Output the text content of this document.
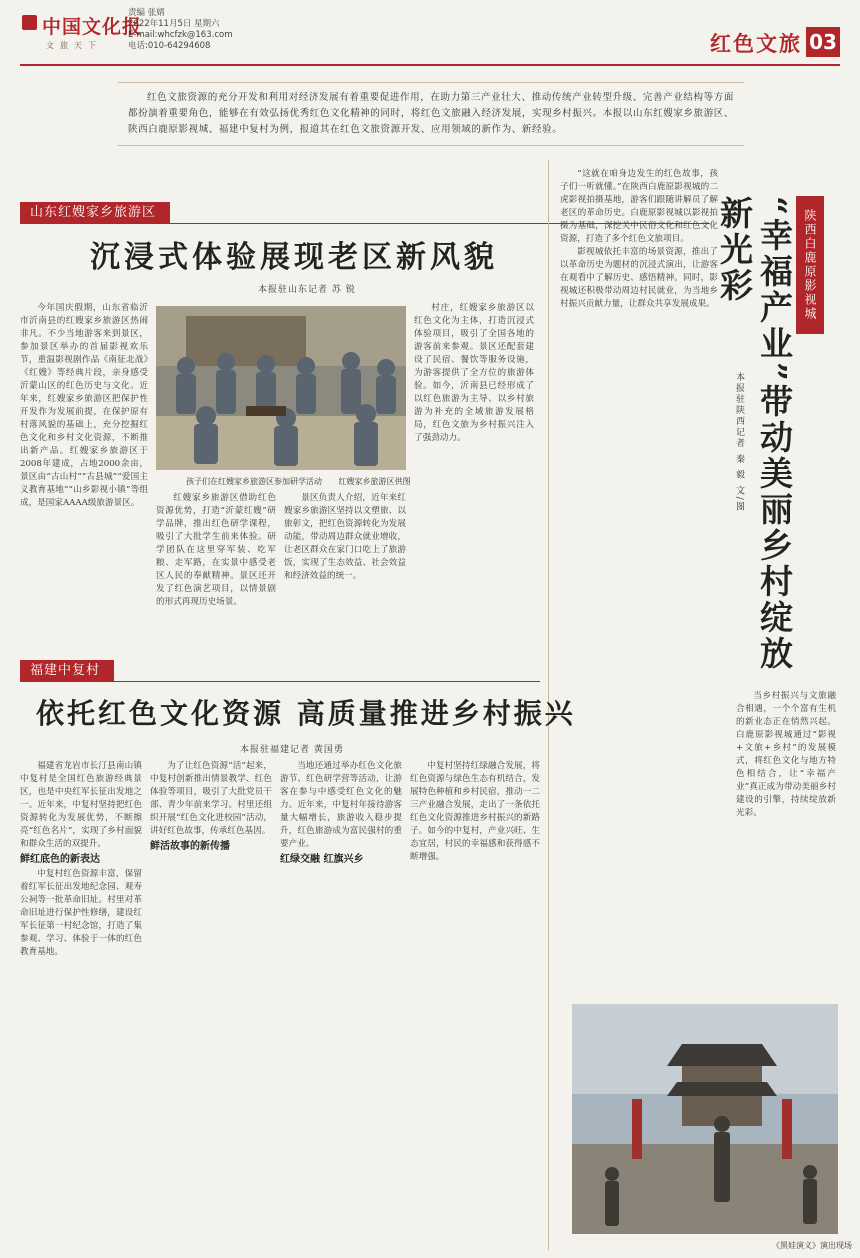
中国文化报
文旅天下
责编 张婧
2022年11月5日 星期六
E-mail:whcfzk@163.com
电话:010-64294608	红色文旅 03
红色文旅资源的充分开发和利用对经济发展有着重要促进作用，在助力第三产业壮大、推动传统产业转型升级、完善产业结构等方面都扮演着重要角色，能够在有效弘扬优秀红色文化精神的同时，将红色文旅融入经济发展，实现乡村振兴。本报以山东红嫂家乡旅游区、陕西白鹿原影视城、福建中复村为例，报道其在红色文旅资源开发、应用领域的新作为、新经验。
山东红嫂家乡旅游区
沉浸式体验展现老区新风貌
本报驻山东记者 苏 锐

今年国庆假期，山东省临沂市沂南县的红嫂家乡旅游区热闹非凡。不少当地游客来到景区，参加景区举办的首届影视欢乐节，重温影视剧作品《南征北战》《红嫂》等经典片段，亲身感受沂蒙山区的红色历史与文化。近年来，红嫂家乡旅游区把保护性开发作为发展前提，在保护原有村落风貌的基础上，充分挖掘红色文化和乡村文化资源，不断推出新产品。红嫂家乡旅游区于2008年建成，占地2000余亩，景区由“古山村”“古县城”“爱国主义教育基地”“山乡影视小镇”等组成，是国家AAAA级旅游景区。

孩子们在红嫂家乡旅游区参加研学活动 红嫂家乡旅游区供图

红嫂家乡旅游区借助红色资源优势，打造“沂蒙红嫂”研学品牌，推出红色研学课程，吸引了大批学生前来体验。研学团队在这里穿军装、吃军粮、走军路，在实景中感受老区人民的奉献精神。景区还开发了红色演艺项目，以情景剧的形式再现历史场景。

景区负责人介绍，近年来红嫂家乡旅游区坚持以文塑旅、以旅彰文，把红色资源转化为发展动能，带动周边群众就业增收，让老区群众在家门口吃上了旅游饭，实现了生态效益、社会效益和经济效益的统一。

村庄，红嫂家乡旅游区以红色文化为主体，打造沉浸式体验项目，吸引了全国各地的游客前来参观。景区还配套建设了民宿、餐饮等服务设施，为游客提供了全方位的旅游体验。如今，沂南县已经形成了以红色旅游为主导、以乡村旅游为补充的全域旅游发展格局，红色文旅为乡村振兴注入了强劲动力。

“这就在咱身边发生的红色故事，孩子们一听就懂。”在陕西白鹿原影视城的二虎影视拍摄基地，游客们跟随讲解员了解老区的革命历史。白鹿原影视城以影视拍摄为基础，深挖关中民俗文化和红色文化资源，打造了多个红色文旅项目。

影视城依托丰富的场景资源，推出了以革命历史为题材的沉浸式演出，让游客在观看中了解历史、感悟精神。同时，影视城还积极带动周边村民就业，为当地乡村振兴贡献力量，让群众共享发展成果。	陕西白鹿原影视城
“幸福产业”带动美丽乡村绽放新光彩
本报驻陕西记者 秦 毅 文/图

当乡村振兴与文旅融合相遇，一个个富有生机的新业态正在悄然兴起。白鹿原影视城通过“影视+文旅+乡村”的发展模式，将红色文化与地方特色相结合，让“幸福产业”真正成为带动美丽乡村建设的引擎，持续绽放新光彩。

《黑娃演义》演出现场
福建中复村
依托红色文化资源 高质量推进乡村振兴
本报驻福建记者 黄国勇

福建省龙岩市长汀县南山镇中复村是全国红色旅游经典景区，也是中央红军长征出发地之一。近年来，中复村坚持把红色资源转化为发展优势，不断擦亮“红色名片”，实现了乡村面貌和群众生活的双提升。

鲜红底色的新表达

中复村红色资源丰富，保留着红军长征出发地纪念园、观寿公祠等一批革命旧址。村里对革命旧址进行保护性修缮，建设红军长征第一村纪念馆，打造了集参观、学习、体验于一体的红色教育基地。

为了让红色资源“活”起来，中复村创新推出情景教学、红色体验等项目，吸引了大批党员干部、青少年前来学习。村里还组织开展“红色文化进校园”活动，讲好红色故事，传承红色基因。

鲜活故事的新传播

当地还通过举办红色文化旅游节、红色研学营等活动，让游客在参与中感受红色文化的魅力。近年来，中复村年接待游客量大幅增长，旅游收入稳步提升，红色旅游成为富民强村的重要产业。

红绿交融 红旗兴乡

中复村坚持红绿融合发展，将红色资源与绿色生态有机结合，发展特色种植和乡村民宿，推动一二三产业融合发展，走出了一条依托红色文化资源推进乡村振兴的新路子。如今的中复村，产业兴旺、生态宜居，村民的幸福感和获得感不断增强。
